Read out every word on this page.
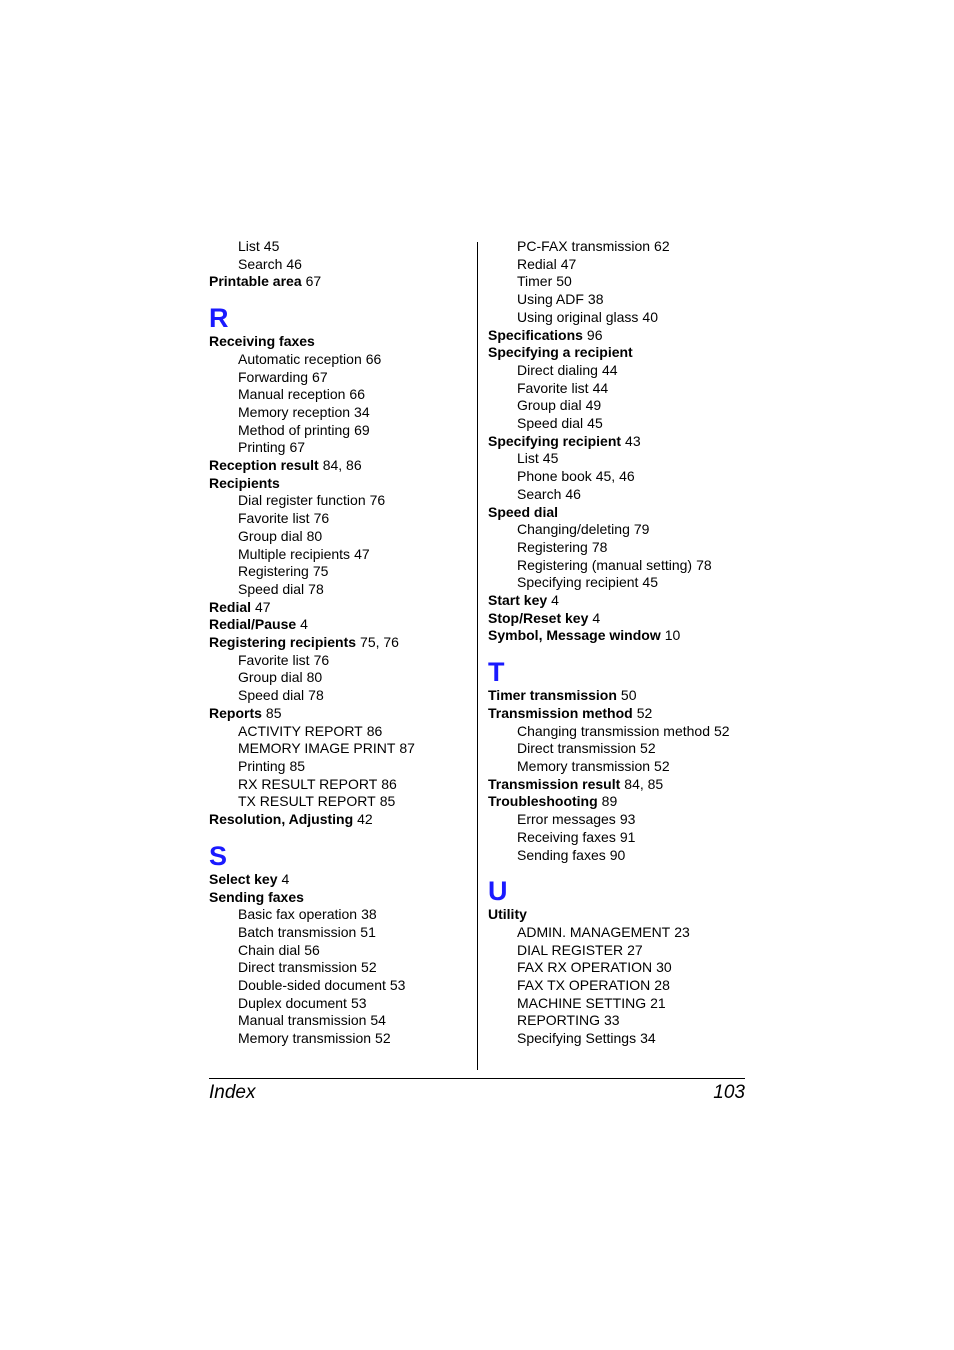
List 45
Search 46
Printable area 67
R
Receiving faxes
Automatic reception 66
Forwarding 67
Manual reception 66
Memory reception 34
Method of printing 69
Printing 67
Reception result 84, 86
Recipients
Dial register function 76
Favorite list 76
Group dial 80
Multiple recipients 47
Registering 75
Speed dial 78
Redial 47
Redial/Pause 4
Registering recipients 75, 76
Favorite list 76
Group dial 80
Speed dial 78
Reports 85
ACTIVITY REPORT 86
MEMORY IMAGE PRINT 87
Printing 85
RX RESULT REPORT 86
TX RESULT REPORT 85
Resolution, Adjusting 42
S
Select key 4
Sending faxes
Basic fax operation 38
Batch transmission 51
Chain dial 56
Direct transmission 52
Double-sided document 53
Duplex document 53
Manual transmission 54
Memory transmission 52
PC-FAX transmission 62
Redial 47
Timer 50
Using ADF 38
Using original glass 40
Specifications 96
Specifying a recipient
Direct dialing 44
Favorite list 44
Group dial 49
Speed dial 45
Specifying recipient 43
List 45
Phone book 45, 46
Search 46
Speed dial
Changing/deleting 79
Registering 78
Registering (manual setting) 78
Specifying recipient 45
Start key 4
Stop/Reset key 4
Symbol, Message window 10
T
Timer transmission 50
Transmission method 52
Changing transmission method 52
Direct transmission 52
Memory transmission 52
Transmission result 84, 85
Troubleshooting 89
Error messages 93
Receiving faxes 91
Sending faxes 90
U
Utility
ADMIN. MANAGEMENT 23
DIAL REGISTER 27
FAX RX OPERATION 30
FAX TX OPERATION 28
MACHINE SETTING 21
REPORTING 33
Specifying Settings 34
Index	103
